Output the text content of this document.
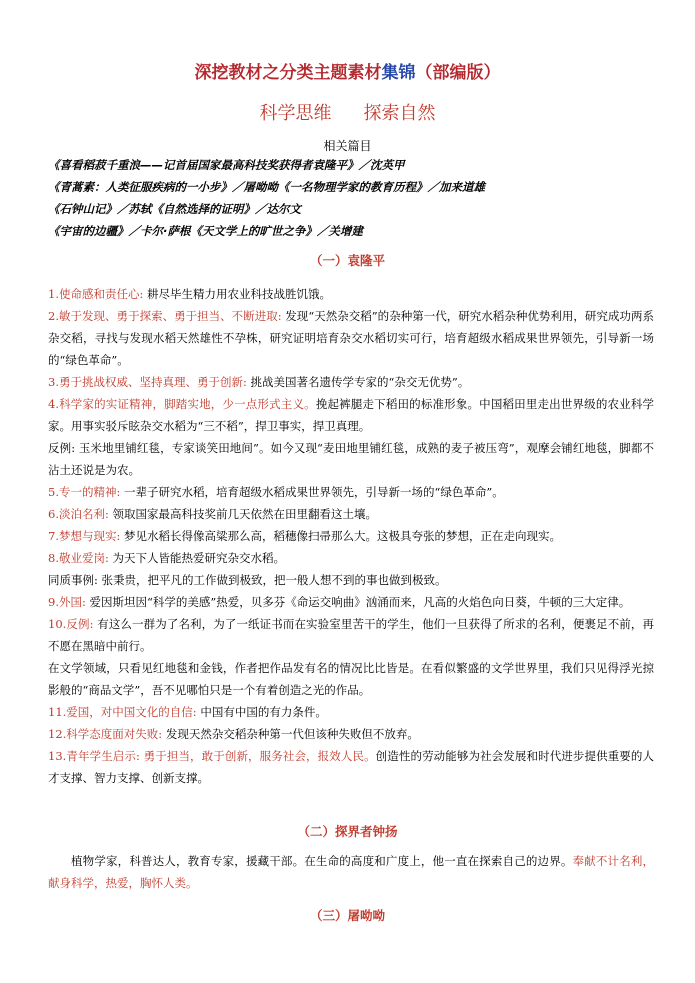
深挖教材之分类主题素材集锦（部编版）
科学思维 探索自然
相关篇目
《喜看稻菽千重浪——记首届国家最高科技奖获得者袁隆平》／沈英甲
《青蒿素：人类征服疾病的一小步》／屠呦呦《一名物理学家的教育历程》／加来道雄
《石钟山记》／苏轼《自然选择的证明》／达尔文
《宇宙的边疆》／卡尔·萨根《天文学上的旷世之争》／关增建
（一）袁隆平

1.使命感和责任心: 耕尽毕生精力用农业科技战胜饥饿。

2.敏于发现、勇于探索、勇于担当、不断进取: 发现“天然杂交稻”的杂种第一代，研究水稻杂种优势利用，研究成功两系杂交稻，寻找与发现水稻天然雄性不孕株，研究证明培育杂交水稻切实可行，培育超级水稻成果世界领先，引导新一场的“绿色革命”。

3.勇于挑战权威、坚持真理、勇于创新: 挑战美国著名遗传学专家的“杂交无优势”。

4.科学家的实证精神，脚踏实地，少一点形式主义。挽起裤腿走下稻田的标准形象。中国稻田里走出世界级的农业科学家。用事实驳斥眩杂交水稻为“三不稻”，捍卫事实，捍卫真理。

反例: 玉米地里铺红毯，专家谈笑田地间”。如今又现“麦田地里铺红毯，成熟的麦子被压弯”，观摩会铺红地毯，脚都不沾土还说是为农。

5.专一的精神: 一辈子研究水稻，培育超级水稻成果世界领先，引导新一场的“绿色革命”。

6.淡泊名利: 领取国家最高科技奖前几天依然在田里翻看这土壤。

7.梦想与现实: 梦见水稻长得像高粱那么高，稻穗像扫帚那么大。这极具夸张的梦想，正在走向现实。

8.敬业爱岗: 为天下人皆能热爱研究杂交水稻。

同质事例: 张秉贵，把平凡的工作做到极致，把一般人想不到的事也做到极致。

9.外国: 爱因斯坦因“科学的美感”热爱，贝多芬《命运交响曲》汹涌而来，凡高的火焰色向日葵，牛顿的三大定律。

10.反例: 有这么一群为了名利，为了一纸证书而在实验室里苦干的学生，他们一旦获得了所求的名利，便裹足不前，再不愿在黑暗中前行。

在文学领域，只看见红地毯和金钱，作者把作品发有名的情况比比皆是。在看似繁盛的文学世界里，我们只见得浮光掠影般的“商品文学”，吾不见哪怕只是一个有着创造之光的作品。

11.爱国，对中国文化的自信: 中国有中国的有力条件。

12.科学态度面对失败: 发现天然杂交稻杂种第一代但该种失败但不放弃。

13.青年学生启示: 勇于担当，敢于创新，服务社会，报效人民。创造性的劳动能够为社会发展和时代进步提供重要的人才支撑、智力支撑、创新支撑。

（二）探界者钟扬

植物学家，科普达人，教育专家，援藏干部。在生命的高度和广度上，他一直在探索自己的边界。奉献不计名利，献身科学，热爱，胸怀人类。

（三）屠呦呦
